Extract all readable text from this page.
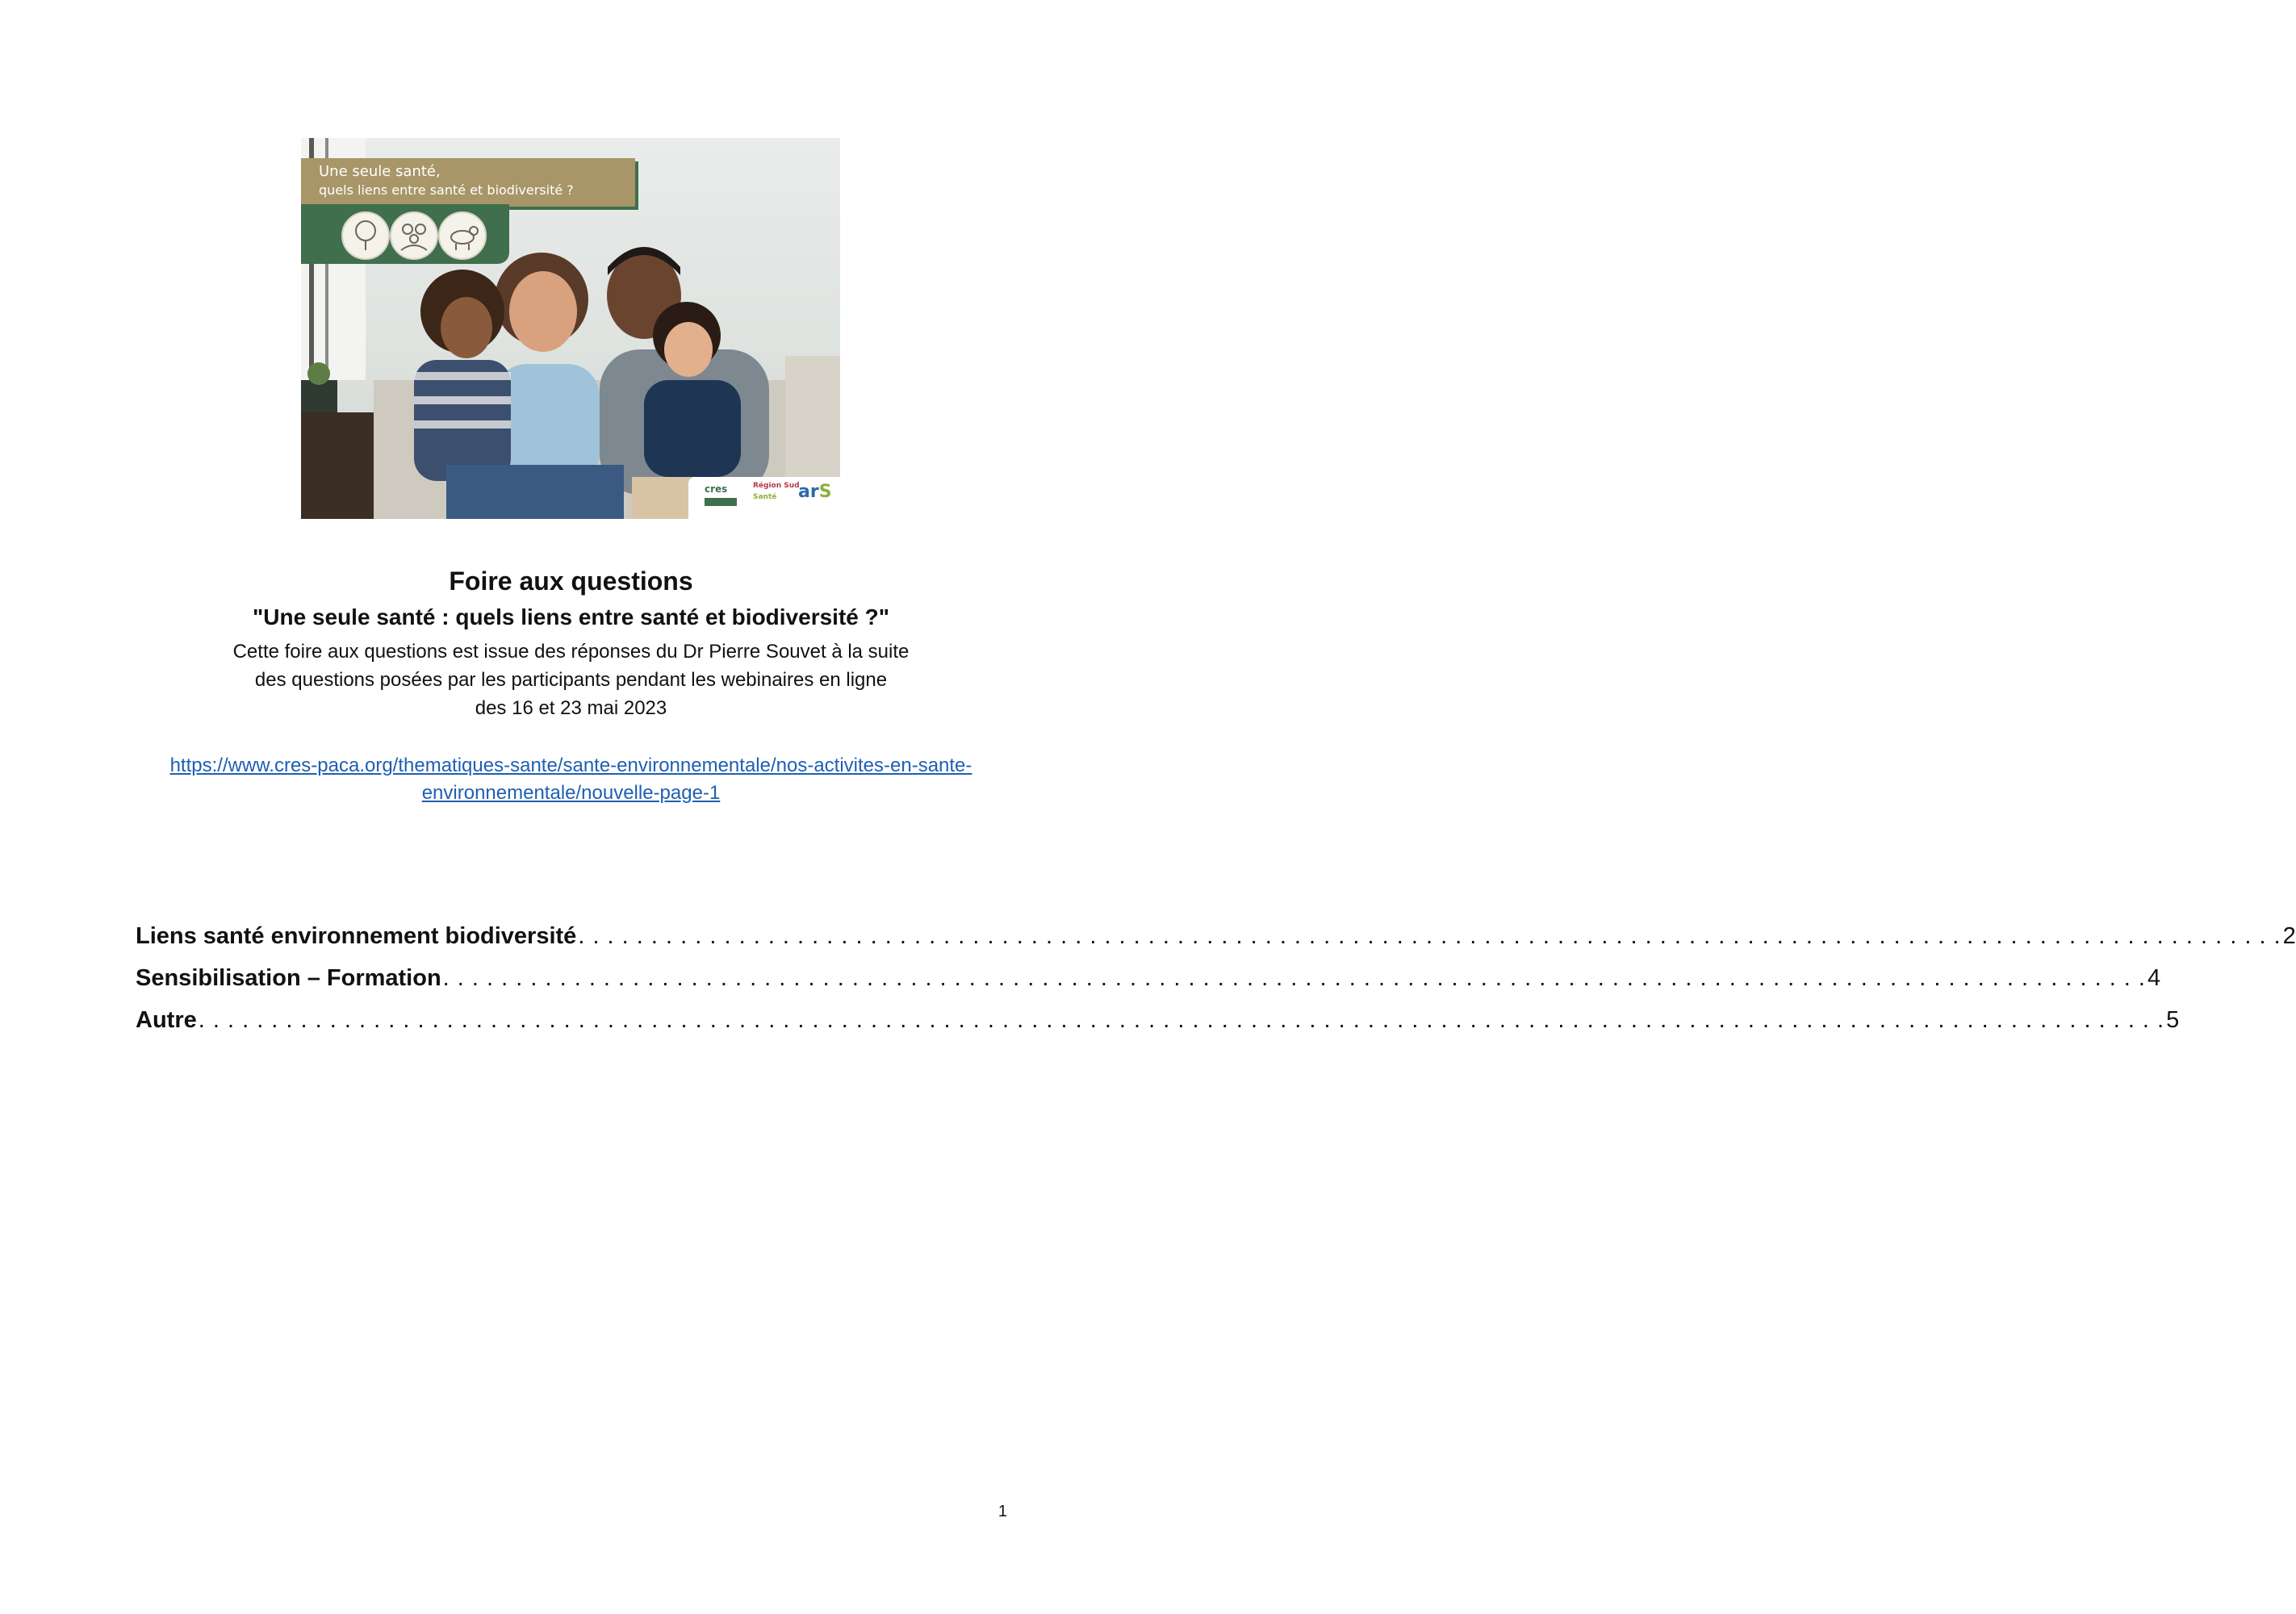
Une seule santé,
quels liens entre santé et biodiversité ?
cres	Région Sud
Santé arS
Foire aux questions
"Une seule santé : quels liens entre santé et biodiversité ?"
Cette foire aux questions est issue des réponses du Dr Pierre Souvet à la suite
des questions posées par les participants pendant les webinaires en ligne
des 16 et 23 mai 2023
https://www.cres-paca.org/thematiques-sante/sante-environnementale/nos-activites-en-sante-
environnementale/nouvelle-page-1
Liens santé environnement biodiversité . . . . . . . . . . . . . . . . . . . . . . . . . . . . . . . . . . . . . . . . . . . . . . . . . . . . . . . . . . . . . . . . . . . . . . . . . . . . . . . . . . . . . . . . . . . . . . . . . . . . . . . . . . . . . . . . . . . . . 2
Sensibilisation – Formation . . . . . . . . . . . . . . . . . . . . . . . . . . . . . . . . . . . . . . . . . . . . . . . . . . . . . . . . . . . . . . . . . . . . . . . . . . . . . . . . . . . . . . . . . . . . . . . . . . . . . . . . . . . . . . . . . . . . . 4
Autre . . . . . . . . . . . . . . . . . . . . . . . . . . . . . . . . . . . . . . . . . . . . . . . . . . . . . . . . . . . . . . . . . . . . . . . . . . . . . . . . . . . . . . . . . . . . . . . . . . . . . . . . . . . . . . . . . . . . . . . . . . . . . . . . . . . . . . . 5
1
